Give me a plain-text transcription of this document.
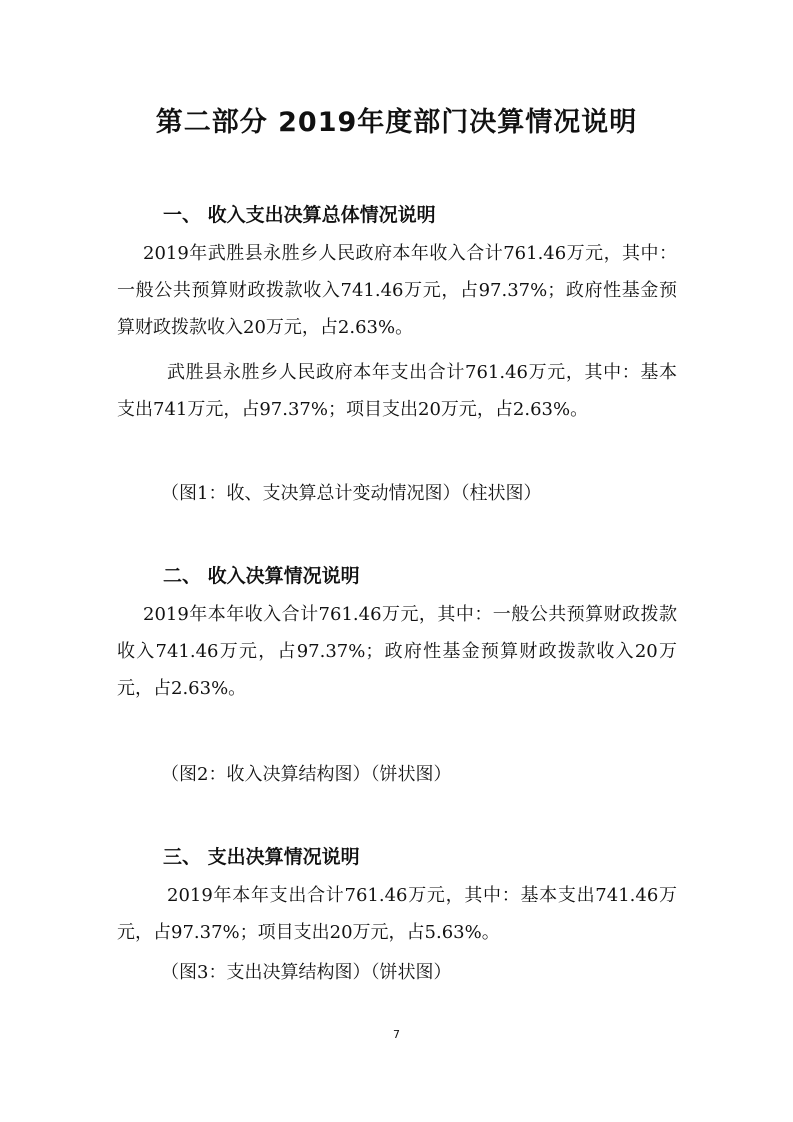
第二部分 2019年度部门决算情况说明
一、 收入支出决算总体情况说明
2019年武胜县永胜乡人民政府本年收入合计761.46万元，其中：一般公共预算财政拨款收入741.46万元，占97.37%；政府性基金预算财政拨款收入20万元，占2.63%。
武胜县永胜乡人民政府本年支出合计761.46万元，其中：基本支出741万元，占97.37%；项目支出20万元，占2.63%。
（图1：收、支决算总计变动情况图）（柱状图）
二、 收入决算情况说明
2019年本年收入合计761.46万元，其中：一般公共预算财政拨款收入741.46万元，占97.37%；政府性基金预算财政拨款收入20万元，占2.63%。
（图2：收入决算结构图）（饼状图）
三、 支出决算情况说明
2019年本年支出合计761.46万元，其中：基本支出741.46万元，占97.37%；项目支出20万元，占5.63%。
（图3：支出决算结构图）（饼状图）
7
